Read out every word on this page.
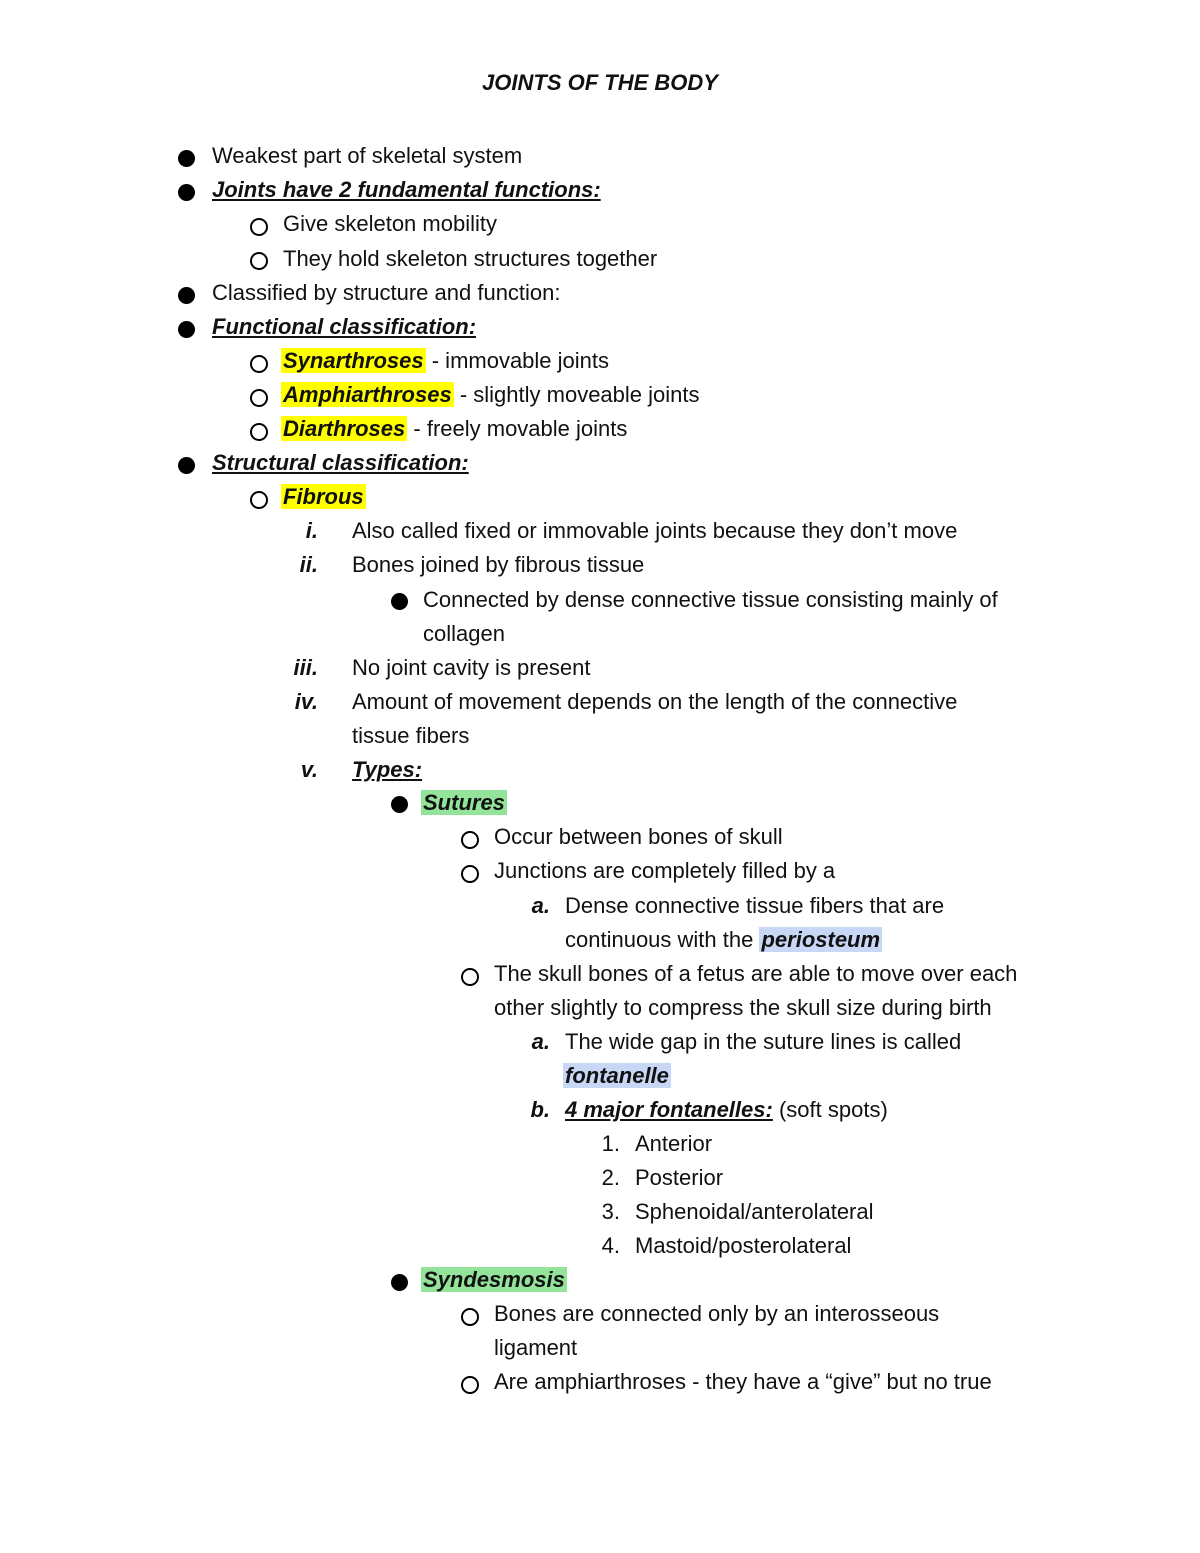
JOINTS OF THE BODY
Weakest part of skeletal system
Joints have 2 fundamental functions:
Give skeleton mobility
They hold skeleton structures together
Classified by structure and function:
Functional classification:
Synarthroses - immovable joints
Amphiarthroses - slightly moveable joints
Diarthroses - freely movable joints
Structural classification:
Fibrous
i. Also called fixed or immovable joints because they don’t move
ii. Bones joined by fibrous tissue
Connected by dense connective tissue consisting mainly of
collagen
iii. No joint cavity is present
iv. Amount of movement depends on the length of the connective
tissue fibers
v. Types:
Sutures
Occur between bones of skull
Junctions are completely filled by a
a. Dense connective tissue fibers that are
continuous with the periosteum
The skull bones of a fetus are able to move over each
other slightly to compress the skull size during birth
a. The wide gap in the suture lines is called
fontanelle
b. 4 major fontanelles: (soft spots)
1. Anterior
2. Posterior
3. Sphenoidal/anterolateral
4. Mastoid/posterolateral
Syndesmosis
Bones are connected only by an interosseous
ligament
Are amphiarthroses - they have a “give” but no true
